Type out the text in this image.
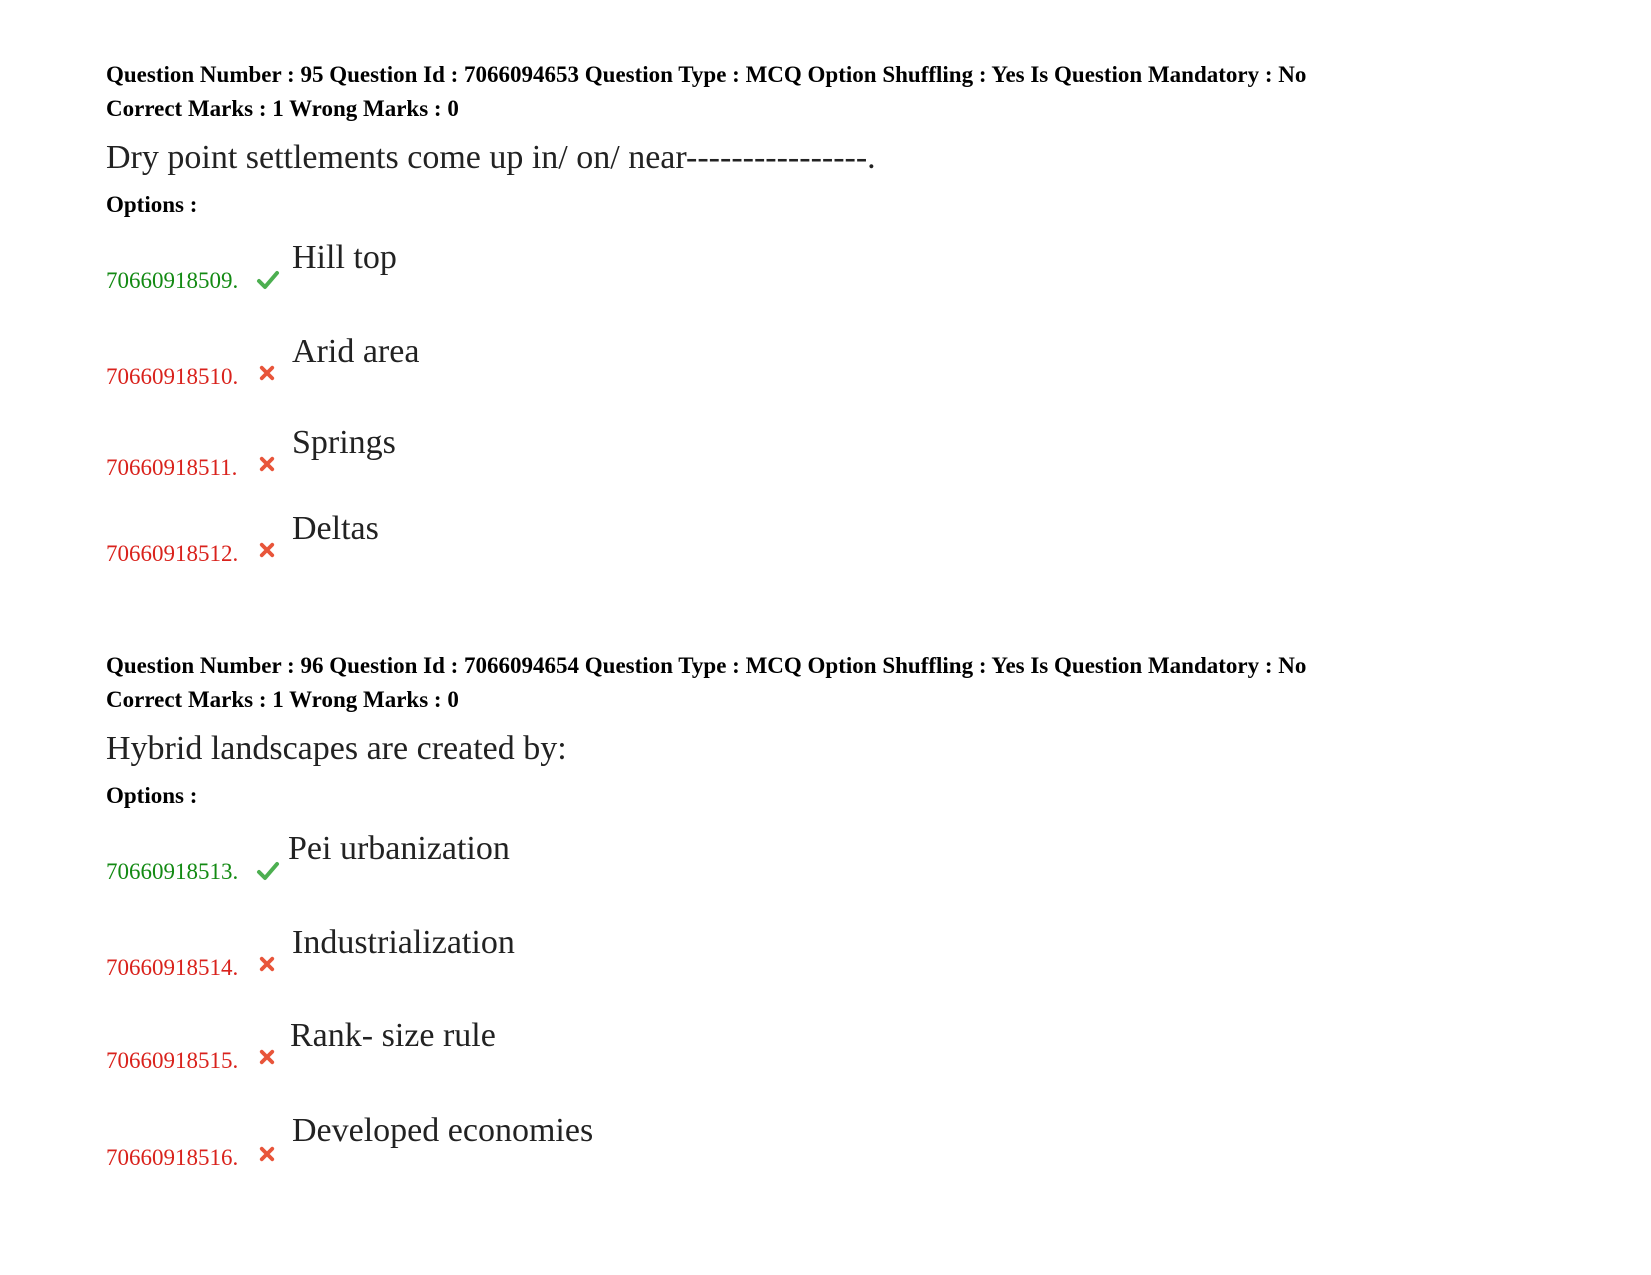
Question Number : 95 Question Id : 7066094653 Question Type : MCQ Option Shuffling : Yes Is Question Mandatory : No
Correct Marks : 1 Wrong Marks : 0
Dry point settlements come up in/ on/ near----------------.
Options :
70660918509.
Hill top
70660918510.
Arid area
70660918511.
Springs
70660918512.
Deltas
Question Number : 96 Question Id : 7066094654 Question Type : MCQ Option Shuffling : Yes Is Question Mandatory : No
Correct Marks : 1 Wrong Marks : 0
Hybrid landscapes are created by:
Options :
70660918513.
Pei urbanization
70660918514.
Industrialization
70660918515.
Rank- size rule
70660918516.
Developed economies
